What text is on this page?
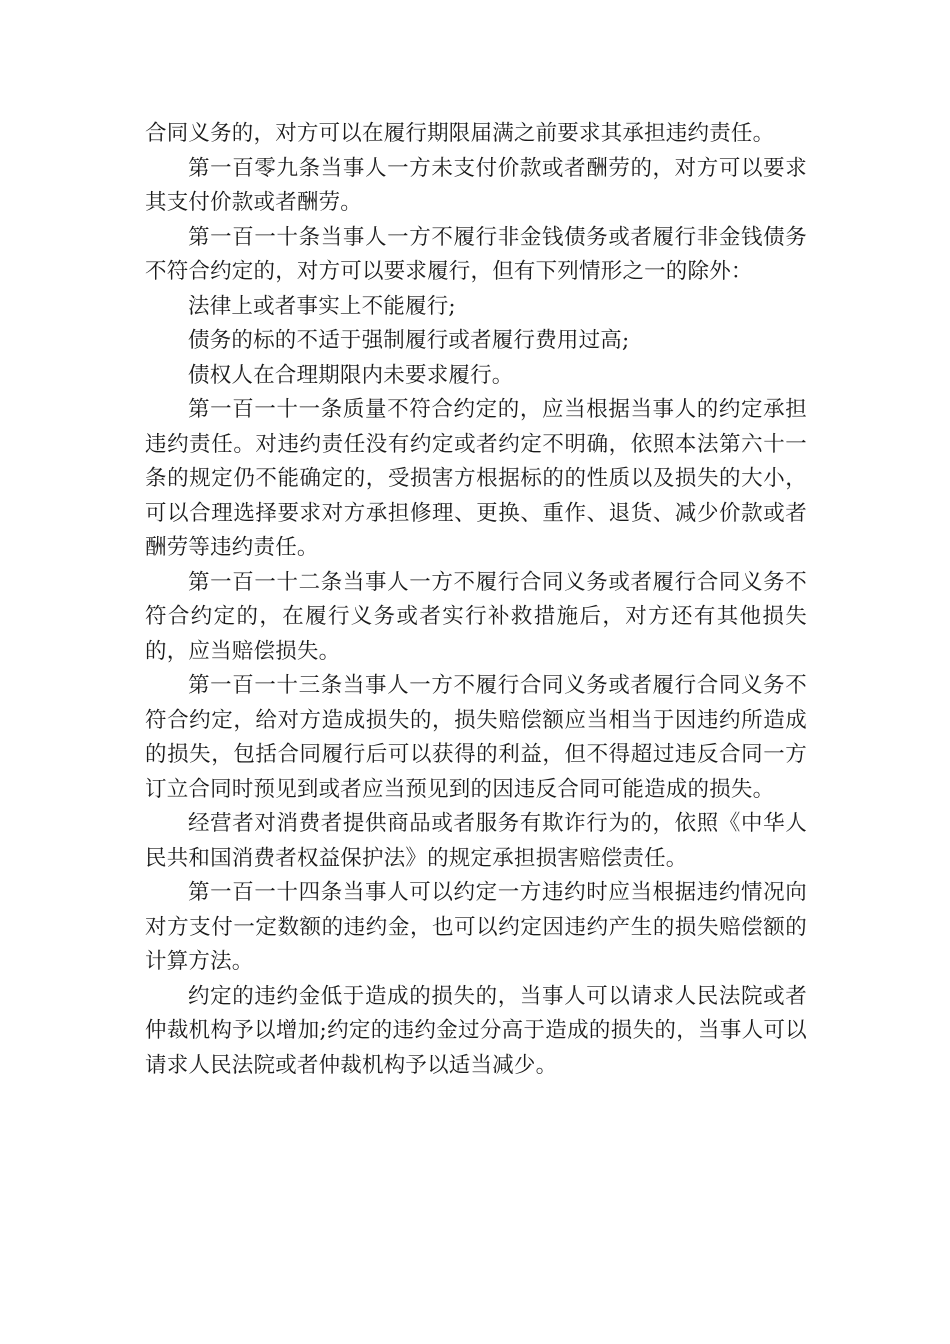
合同义务的，对方可以在履行期限届满之前要求其承担违约责任。

第一百零九条当事人一方未支付价款或者酬劳的，对方可以要求其支付价款或者酬劳。

第一百一十条当事人一方不履行非金钱债务或者履行非金钱债务不符合约定的，对方可以要求履行，但有下列情形之一的除外：

法律上或者事实上不能履行;

债务的标的不适于强制履行或者履行费用过高;

债权人在合理期限内未要求履行。

第一百一十一条质量不符合约定的，应当根据当事人的约定承担违约责任。对违约责任没有约定或者约定不明确，依照本法第六十一条的规定仍不能确定的，受损害方根据标的的性质以及损失的大小，可以合理选择要求对方承担修理、更换、重作、退货、减少价款或者酬劳等违约责任。

第一百一十二条当事人一方不履行合同义务或者履行合同义务不符合约定的，在履行义务或者实行补救措施后，对方还有其他损失的，应当赔偿损失。

第一百一十三条当事人一方不履行合同义务或者履行合同义务不符合约定，给对方造成损失的，损失赔偿额应当相当于因违约所造成的损失，包括合同履行后可以获得的利益，但不得超过违反合同一方订立合同时预见到或者应当预见到的因违反合同可能造成的损失。

经营者对消费者提供商品或者服务有欺诈行为的，依照《中华人民共和国消费者权益保护法》的规定承担损害赔偿责任。

第一百一十四条当事人可以约定一方违约时应当根据违约情况向对方支付一定数额的违约金，也可以约定因违约产生的损失赔偿额的计算方法。

约定的违约金低于造成的损失的，当事人可以请求人民法院或者仲裁机构予以增加;约定的违约金过分高于造成的损失的，当事人可以请求人民法院或者仲裁机构予以适当减少。
